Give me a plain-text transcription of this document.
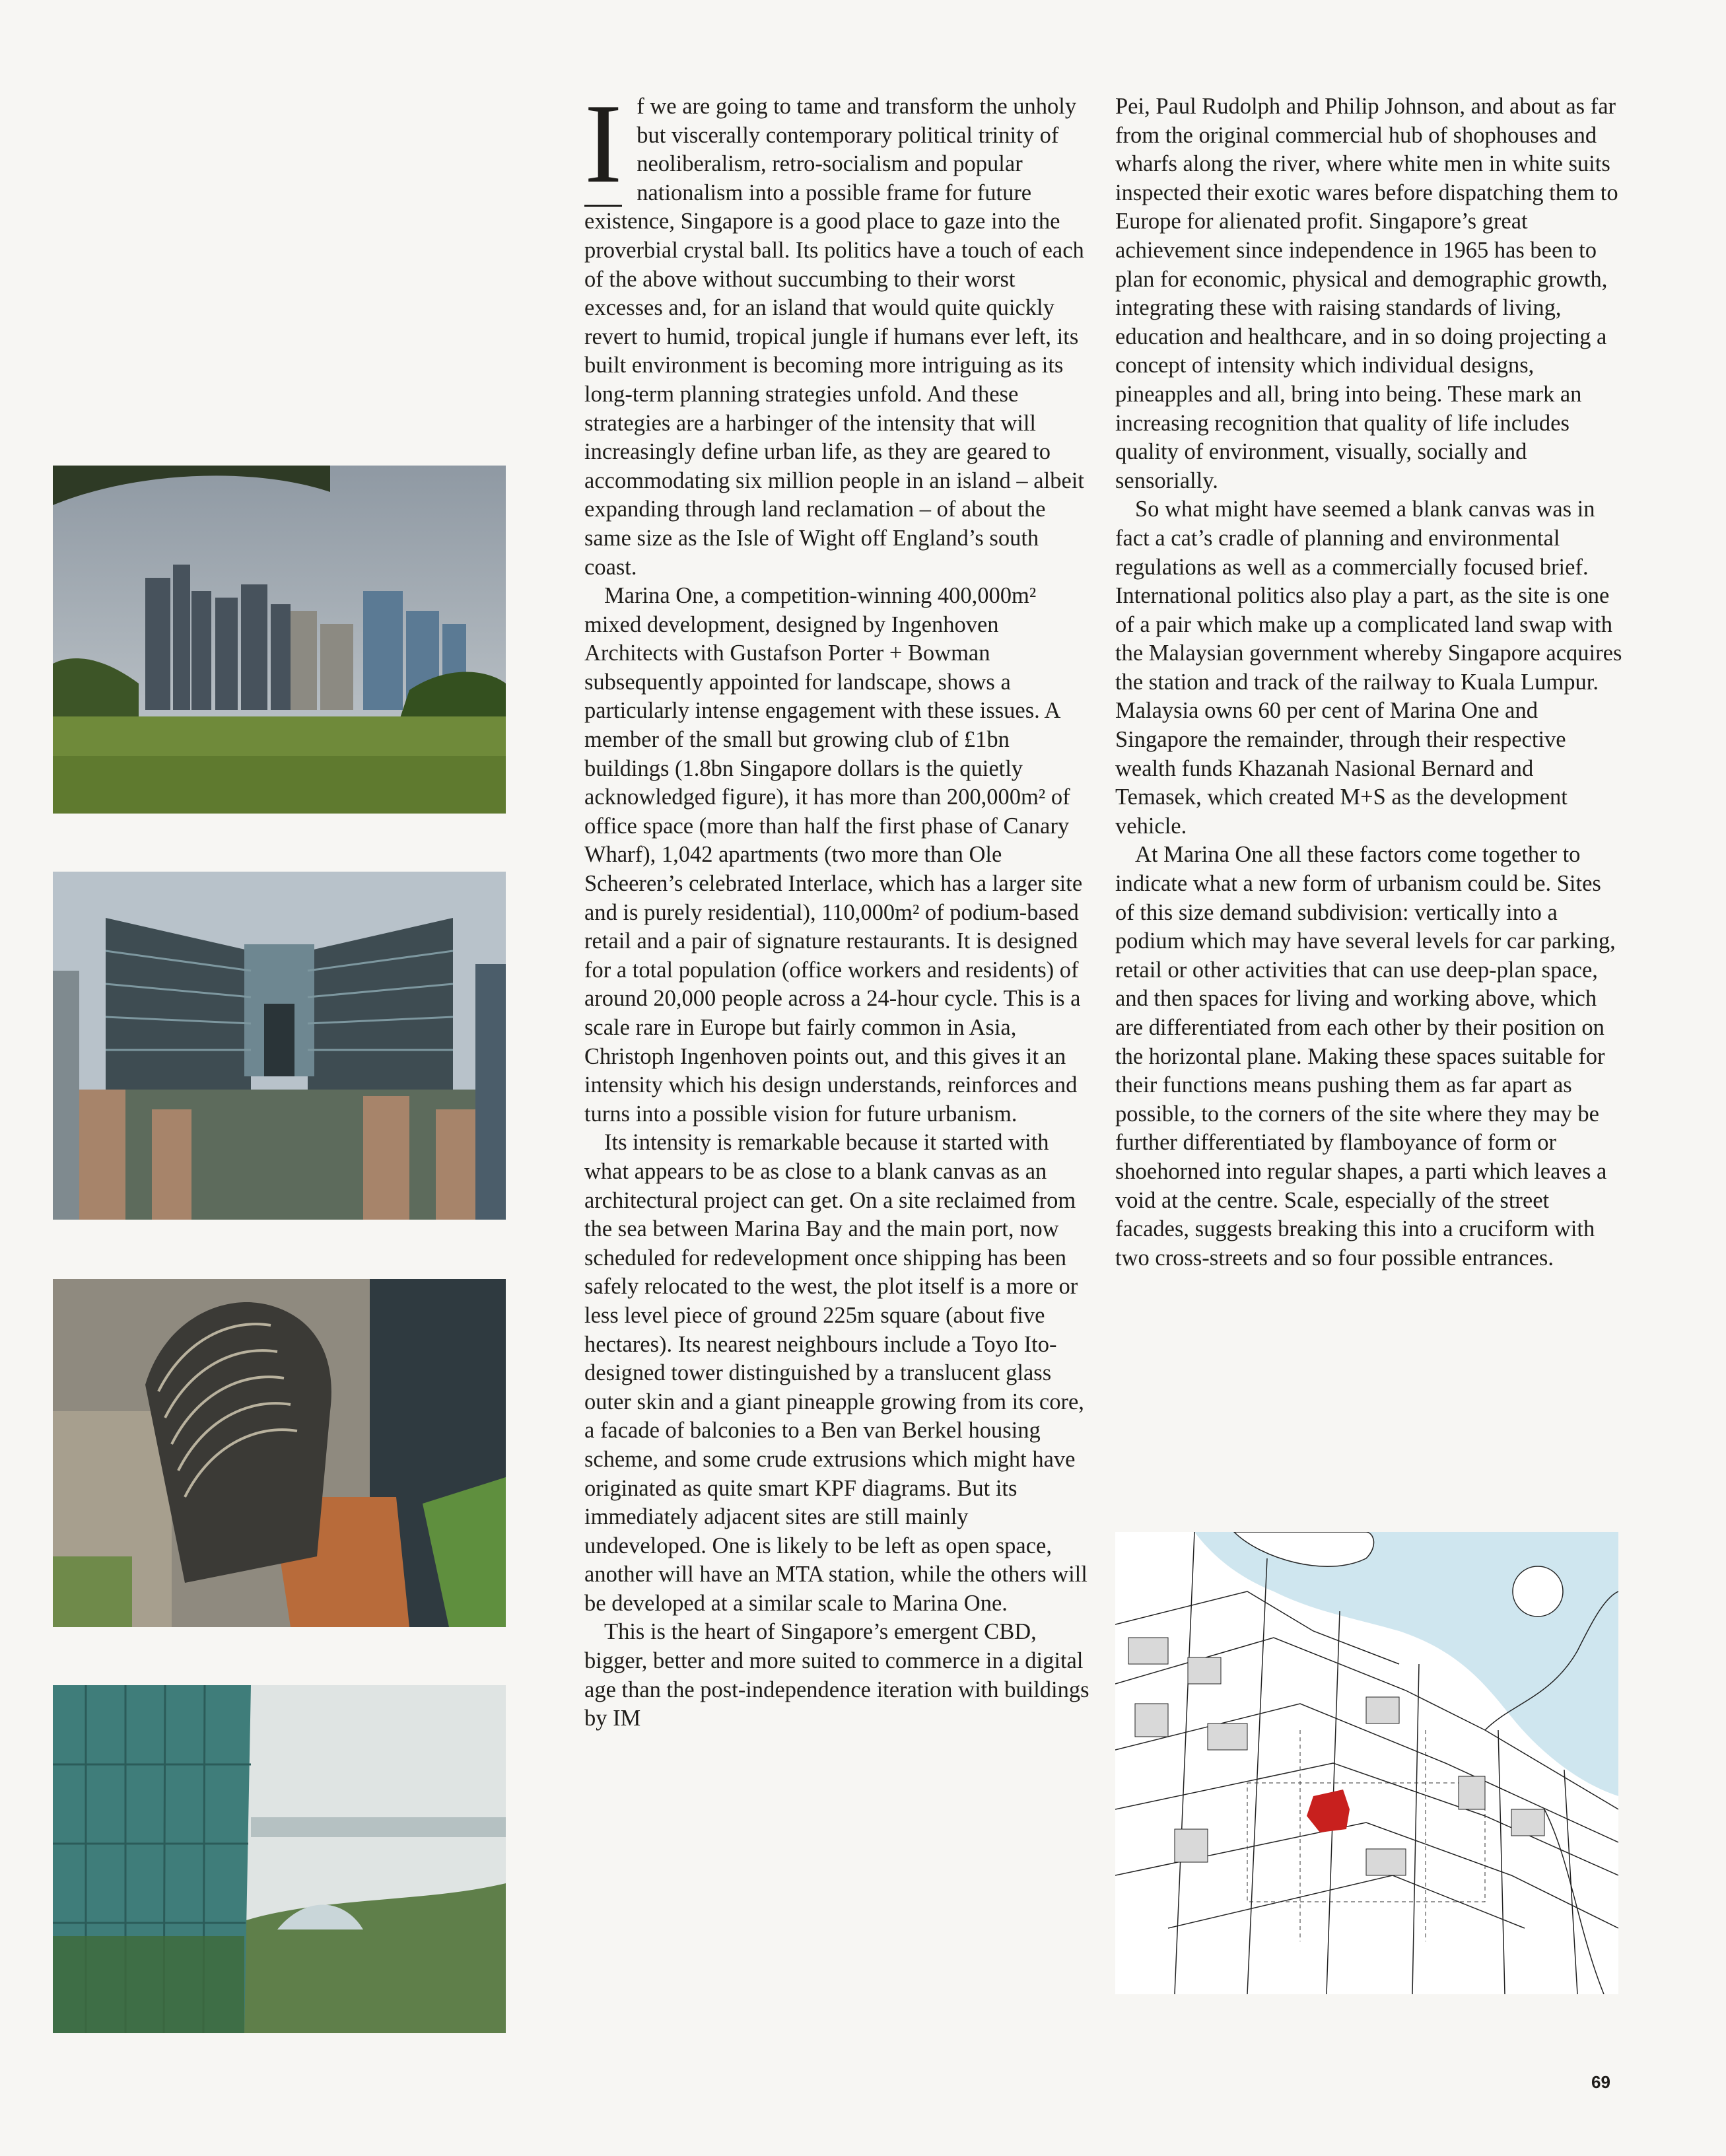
I f we are going to tame and transform the unholy but viscerally contemporary political trinity of neoliberalism, retro-socialism and popular nationalism into a possible frame for future existence, Singapore is a good place to gaze into the proverbial crystal ball. Its politics have a touch of each of the above without succumbing to their worst excesses and, for an island that would quite quickly revert to humid, tropical jungle if humans ever left, its built environment is becoming more intriguing as its long-term planning strategies unfold. And these strategies are a harbinger of the intensity that will increasingly define urban life, as they are geared to accommodating six million people in an island – albeit expanding through land reclamation – of about the same size as the Isle of Wight off England’s south coast.

Marina One, a competition-winning 400,000m² mixed development, designed by Ingenhoven Architects with Gustafson Porter + Bowman subsequently appointed for landscape, shows a particularly intense engagement with these issues. A member of the small but growing club of £1bn buildings (1.8bn Singapore dollars is the quietly acknowledged figure), it has more than 200,000m² of office space (more than half the first phase of Canary Wharf), 1,042 apartments (two more than Ole Scheeren’s celebrated Interlace, which has a larger site and is purely residential), 110,000m² of podium-based retail and a pair of signature restaurants. It is designed for a total population (office workers and residents) of around 20,000 people across a 24-hour cycle. This is a scale rare in Europe but fairly common in Asia, Christoph Ingenhoven points out, and this gives it an intensity which his design understands, reinforces and turns into a possible vision for future urbanism.

Its intensity is remarkable because it started with what appears to be as close to a blank canvas as an architectural project can get. On a site reclaimed from the sea between Marina Bay and the main port, now scheduled for redevelopment once shipping has been safely relocated to the west, the plot itself is a more or less level piece of ground 225m square (about five hectares). Its nearest neighbours include a Toyo Ito-designed tower distinguished by a translucent glass outer skin and a giant pineapple growing from its core, a facade of balconies to a Ben van Berkel housing scheme, and some crude extrusions which might have originated as quite smart KPF diagrams. But its immediately adjacent sites are still mainly undeveloped. One is likely to be left as open space, another will have an MTA station, while the others will be developed at a similar scale to Marina One.

This is the heart of Singapore’s emergent CBD, bigger, better and more suited to commerce in a digital age than the post-independence iteration with buildings by IM

Pei, Paul Rudolph and Philip Johnson, and about as far from the original commercial hub of shophouses and wharfs along the river, where white men in white suits inspected their exotic wares before dispatching them to Europe for alienated profit. Singapore’s great achievement since independence in 1965 has been to plan for economic, physical and demographic growth, integrating these with raising standards of living, education and healthcare, and in so doing projecting a concept of intensity which individual designs, pineapples and all, bring into being. These mark an increasing recognition that quality of life includes quality of environment, visually, socially and sensorially.

So what might have seemed a blank canvas was in fact a cat’s cradle of planning and environmental regulations as well as a commercially focused brief. International politics also play a part, as the site is one of a pair which make up a complicated land swap with the Malaysian government whereby Singapore acquires the station and track of the railway to Kuala Lumpur. Malaysia owns 60 per cent of Marina One and Singapore the remainder, through their respective wealth funds Khazanah Nasional Bernard and Temasek, which created M+S as the development vehicle.

At Marina One all these factors come together to indicate what a new form of urbanism could be. Sites of this size demand subdivision: vertically into a podium which may have several levels for car parking, retail or other activities that can use deep-plan space, and then spaces for living and working above, which are differentiated from each other by their position on the horizontal plane. Making these spaces suitable for their functions means pushing them as far apart as possible, to the corners of the site where they may be further differentiated by flamboyance of form or shoehorned into regular shapes, a parti which leaves a void at the centre. Scale, especially of the street facades, suggests breaking this into a cruciform with two cross-streets and so four possible entrances.

69
